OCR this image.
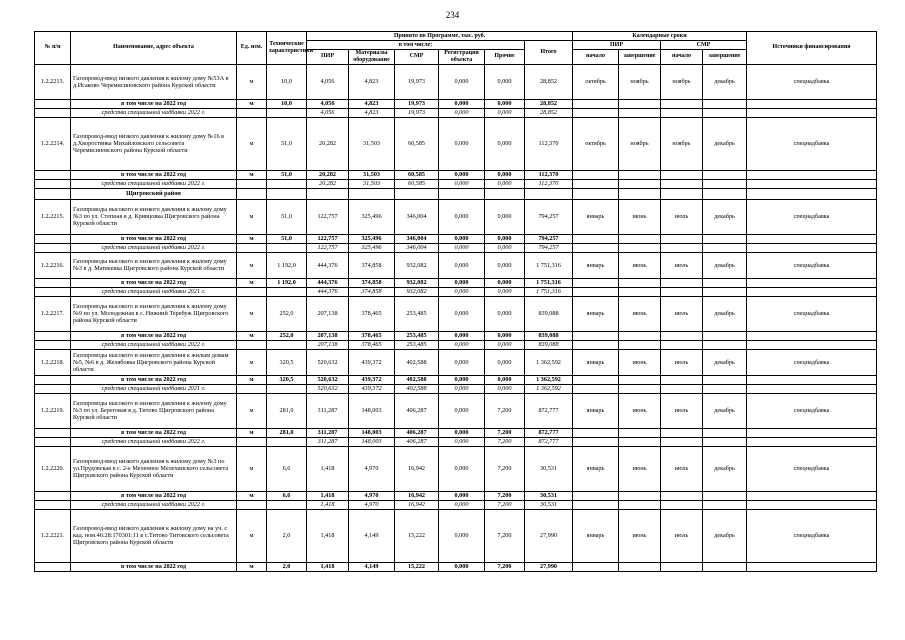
234
№ п/п	Наименование, адрес объекта	Ед. изм.	Технические характеристики	Принято по Программе, тыс. руб.						Календарные сроки				Источники финансирования
				в том числе:					Итого	ПИР		СМР		
				ПИР	Материалы оборудование	СМР	Регистрация объекта	Прочие		начало	завершение	начало	завершение	
1.2.2213.	Газопровод-ввод низкого давления к жилому дому №53А в д.Исаково Черемисиновского района Курской области	м	10,0	4,056	4,823	19,973	0,000	0,000	28,852	октябрь	ноябрь	ноябрь	декабрь	спецнадбавка
	в том числе на 2022 год	м	10,0	4,056	4,823	19,973	0,000	0,000	28,852					
	средства специальной надбавки 2022 г.			4,056	4,823	19,973	0,000	0,000	28,852					
1.2.2214.	Газопровод-ввод низкого давления к жилому дому №16 в д.Хворостянка Михайловского сельсовета Черемисиновского района Курской области	м	51,0	20,282	31,503	60,585	0,000	0,000	112,370	октябрь	ноябрь	ноябрь	декабрь	спецнадбавка
	в том числе на 2022 год	м	51,0	20,282	31,503	60,585	0,000	0,000	112,370					
	средства специальной надбавки 2022 г.			20,282	31,503	60,585	0,000	0,000	112,370					
	Щигровский район													
1.2.2215.	Газопроводы высокого и низкого давления к жилому дому №3 по ул. Степная в д. Кривцовка Щигровского района Курской области	м	51,0	122,757	325,496	346,004	0,000	0,000	794,257	январь	июнь	июль	декабрь	спецнадбавка
	в том числе на 2022 год	м	51,0	122,757	325,496	346,004	0,000	0,000	794,257					
	средства специальной надбавки 2022 г.			122,757	325,496	346,004	0,000	0,000	794,257					
1.2.2216.	Газопроводы высокого и низкого давления к жилому дому №3 в д. Матвеевка Щигровского района Курской области	м	1 192,0	444,376	374,858	932,082	0,000	0,000	1 751,316	январь	июнь	июль	декабрь	спецнадбавка
	в том числе на 2022 год	м	1 192,0	444,376	374,858	932,082	0,000	0,000	1 751,316					
	средства специальной надбавки 2021 г.			444,376	374,858	932,082	0,000	0,000	1 751,316					
1.2.2217.	Газопроводы высокого и низкого давления к жилому дому №9 по ул. Молодежная в с. Нижний Теребуж Щигровского района Курской области	м	252,0	207,138	378,465	253,485	0,000	0,000	839,088	январь	июнь	июль	декабрь	спецнадбавка
	в том числе на 2022 год	м	252,0	207,138	378,465	253,485	0,000	0,000	839,088					
	средства специальной надбавки 2022 г.			207,138	378,465	253,485	0,000	0,000	839,088					
1.2.2218.	Газопроводы высокого и низкого давления к жилым домам №5, №6 в д. Желябовка Щигровского района Курской области	м	320,5	520,632	439,372	402,588	0,000	0,000	1 362,592	январь	июнь	июль	декабрь	спецнадбавка
	в том числе на 2022 год	м	320,5	520,632	439,372	402,588	0,000	0,000	1 362,592					
	средства специальной надбавки 2021 г.			520,632	439,372	402,588	0,000	0,000	1 362,592					
1.2.2219.	Газопроводы высокого и низкого давления к жилому дому №3 по ул. Береговая в д. Титово Щигровского района Курской области	м	281,0	311,287	148,003	406,287	0,000	7,200	872,777	январь	июнь	июль	декабрь	спецнадбавка
	в том числе на 2022 год	м	281,0	311,287	148,003	406,287	0,000	7,200	872,777					
	средства специальной надбавки 2022 г.			311,287	148,003	406,287	0,000	7,200	872,777					
1.2.2220.	Газопровод-ввод низкого давления к жилому дому №3 по ул.Прудовская в с. 2-е Меленное Мелехинского сельсовета Щигровского района Курской области	м	6,6	1,418	4,970	16,942	0,000	7,200	30,531	январь	июнь	июль	декабрь	спецнадбавка
	в том числе на 2022 год	м	6,6	1,418	4,970	16,942	0,000	7,200	30,531					
	средства специальной надбавки 2022 г.			1,418	4,970	16,942	0,000	7,200	30,531					
1.2.2221.	Газопровод-ввод низкого давления к жилому дому на уч. с кад. ном.46:28:170301:11 в с.Титово Титовского сельсовета Щигровского района Курской области	м	2,0	1,418	4,149	15,222	0,000	7,200	27,990	январь	июнь	июль	декабрь	спецнадбавка
	в том числе на 2022 год	м	2,0	1,418	4,149	15,222	0,000	7,200	27,990					
